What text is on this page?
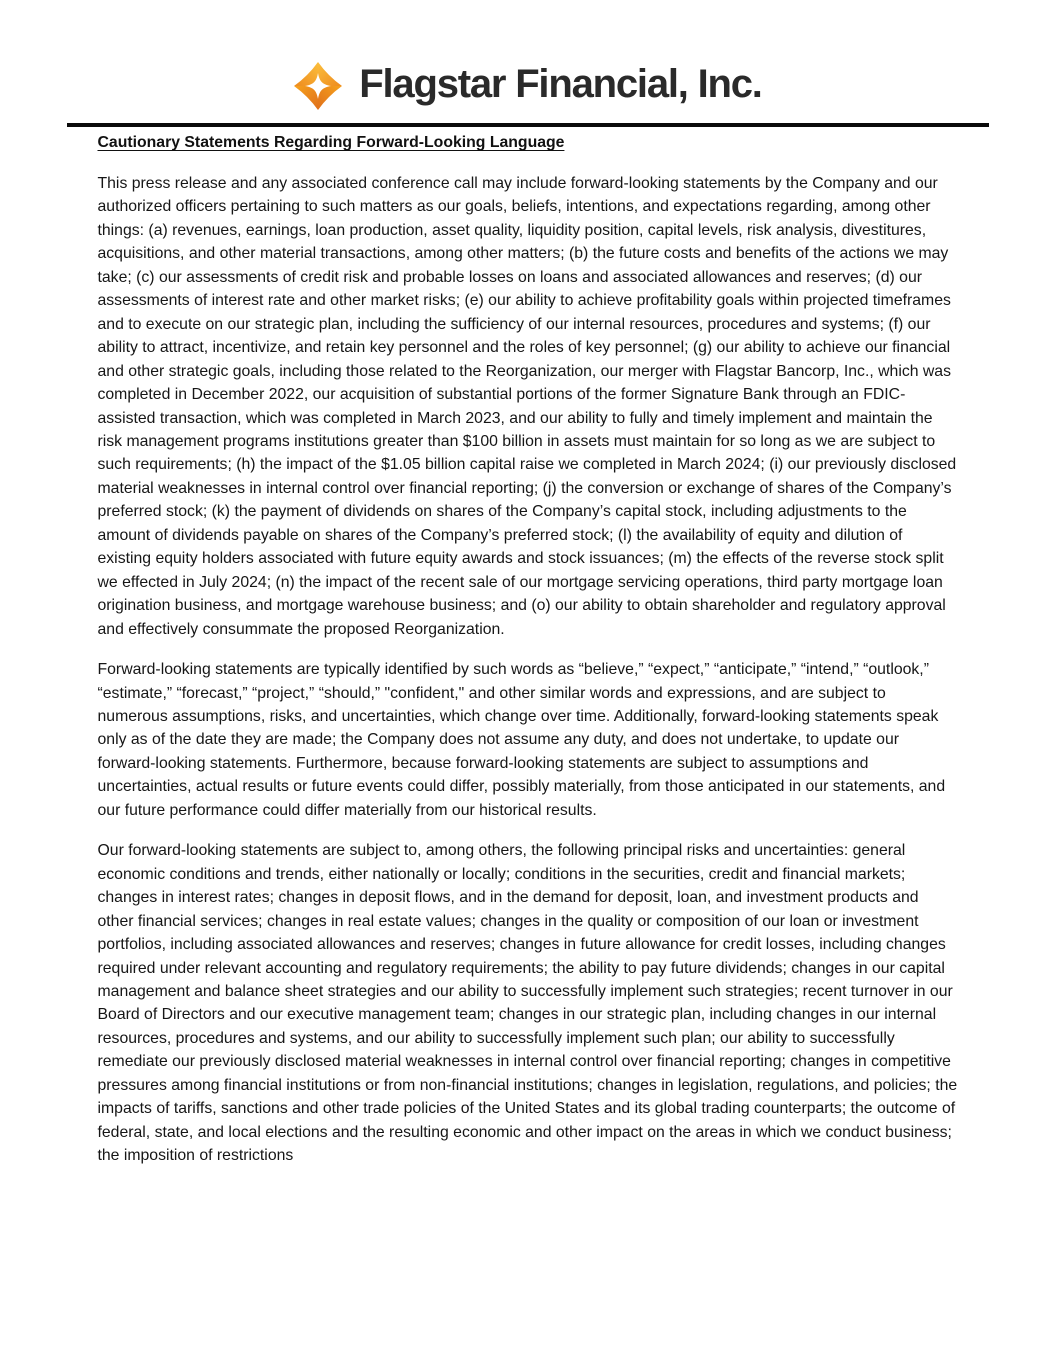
Flagstar Financial, Inc.
Cautionary Statements Regarding Forward-Looking Language

This press release and any associated conference call may include forward-looking statements by the Company and our authorized officers pertaining to such matters as our goals, beliefs, intentions, and expectations regarding, among other things: (a) revenues, earnings, loan production, asset quality, liquidity position, capital levels, risk analysis, divestitures, acquisitions, and other material transactions, among other matters; (b) the future costs and benefits of the actions we may take; (c) our assessments of credit risk and probable losses on loans and associated allowances and reserves; (d) our assessments of interest rate and other market risks; (e) our ability to achieve profitability goals within projected timeframes and to execute on our strategic plan, including the sufficiency of our internal resources, procedures and systems; (f) our ability to attract, incentivize, and retain key personnel and the roles of key personnel; (g) our ability to achieve our financial and other strategic goals, including those related to the Reorganization, our merger with Flagstar Bancorp, Inc., which was completed in December 2022, our acquisition of substantial portions of the former Signature Bank through an FDIC-assisted transaction, which was completed in March 2023, and our ability to fully and timely implement and maintain the risk management programs institutions greater than $100 billion in assets must maintain for so long as we are subject to such requirements; (h) the impact of the $1.05 billion capital raise we completed in March 2024; (i) our previously disclosed material weaknesses in internal control over financial reporting; (j) the conversion or exchange of shares of the Company’s preferred stock; (k) the payment of dividends on shares of the Company’s capital stock, including adjustments to the amount of dividends payable on shares of the Company’s preferred stock; (l) the availability of equity and dilution of existing equity holders associated with future equity awards and stock issuances; (m) the effects of the reverse stock split we effected in July 2024; (n) the impact of the recent sale of our mortgage servicing operations, third party mortgage loan origination business, and mortgage warehouse business; and (o) our ability to obtain shareholder and regulatory approval and effectively consummate the proposed Reorganization.

Forward-looking statements are typically identified by such words as “believe,” “expect,” “anticipate,” “intend,” “outlook,” “estimate,” “forecast,” “project,” “should,” "confident," and other similar words and expressions, and are subject to numerous assumptions, risks, and uncertainties, which change over time. Additionally, forward-looking statements speak only as of the date they are made; the Company does not assume any duty, and does not undertake, to update our forward-looking statements. Furthermore, because forward-looking statements are subject to assumptions and uncertainties, actual results or future events could differ, possibly materially, from those anticipated in our statements, and our future performance could differ materially from our historical results.

Our forward-looking statements are subject to, among others, the following principal risks and uncertainties: general economic conditions and trends, either nationally or locally; conditions in the securities, credit and financial markets; changes in interest rates; changes in deposit flows, and in the demand for deposit, loan, and investment products and other financial services; changes in real estate values; changes in the quality or composition of our loan or investment portfolios, including associated allowances and reserves; changes in future allowance for credit losses, including changes required under relevant accounting and regulatory requirements; the ability to pay future dividends; changes in our capital management and balance sheet strategies and our ability to successfully implement such strategies; recent turnover in our Board of Directors and our executive management team; changes in our strategic plan, including changes in our internal resources, procedures and systems, and our ability to successfully implement such plan; our ability to successfully remediate our previously disclosed material weaknesses in internal control over financial reporting; changes in competitive pressures among financial institutions or from non-financial institutions; changes in legislation, regulations, and policies; the impacts of tariffs, sanctions and other trade policies of the United States and its global trading counterparts; the outcome of federal, state, and local elections and the resulting economic and other impact on the areas in which we conduct business; the imposition of restrictions
